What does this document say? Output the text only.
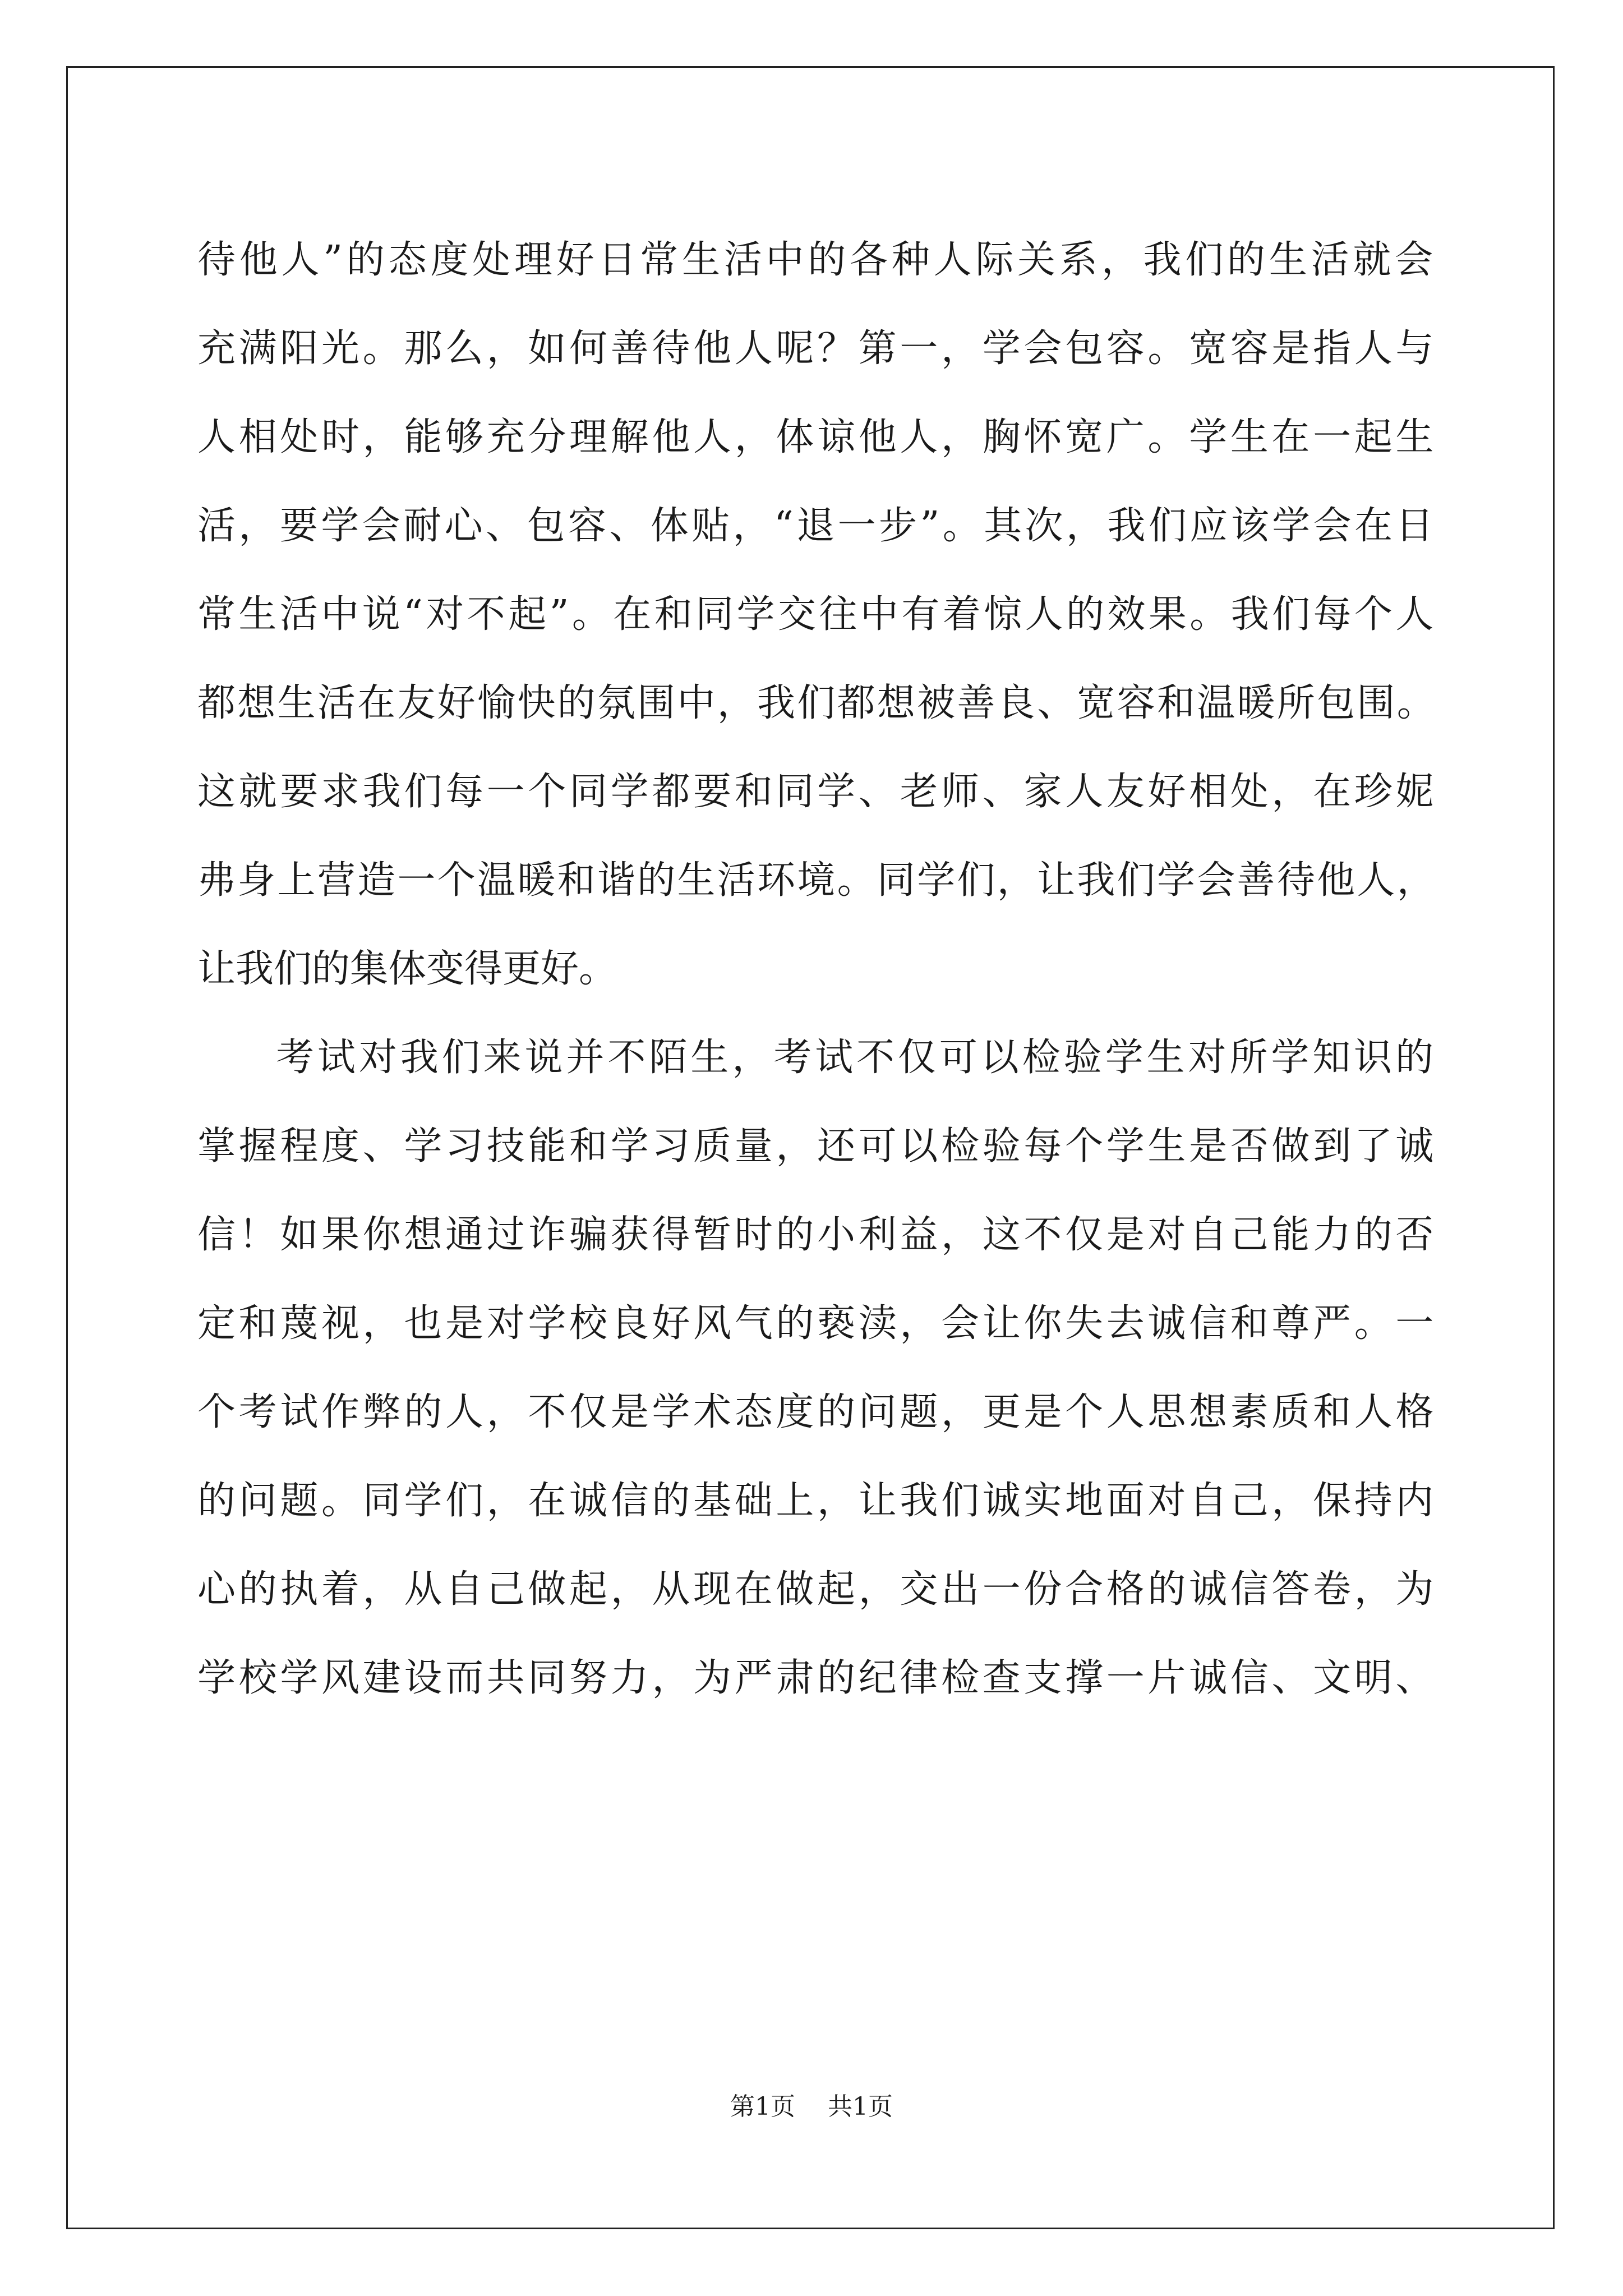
待他人”的态度处理好日常生活中的各种人际关系，我们的生活就会
充满阳光。那么，如何善待他人呢？第一，学会包容。宽容是指人与
人相处时，能够充分理解他人，体谅他人，胸怀宽广。学生在一起生
活，要学会耐心、包容、体贴，“退一步”。其次，我们应该学会在日
常生活中说“对不起”。在和同学交往中有着惊人的效果。我们每个人
都想生活在友好愉快的氛围中，我们都想被善良、宽容和温暖所包围。
这就要求我们每一个同学都要和同学、老师、家人友好相处，在珍妮
弗身上营造一个温暖和谐的生活环境。同学们，让我们学会善待他人，
让我们的集体变得更好。
考试对我们来说并不陌生，考试不仅可以检验学生对所学知识的
掌握程度、学习技能和学习质量，还可以检验每个学生是否做到了诚
信！如果你想通过诈骗获得暂时的小利益，这不仅是对自己能力的否
定和蔑视，也是对学校良好风气的亵渎，会让你失去诚信和尊严。一
个考试作弊的人，不仅是学术态度的问题，更是个人思想素质和人格
的问题。同学们，在诚信的基础上，让我们诚实地面对自己，保持内
心的执着，从自己做起，从现在做起，交出一份合格的诚信答卷，为
学校学风建设而共同努力，为严肃的纪律检查支撑一片诚信、文明、
第1页 共1页
